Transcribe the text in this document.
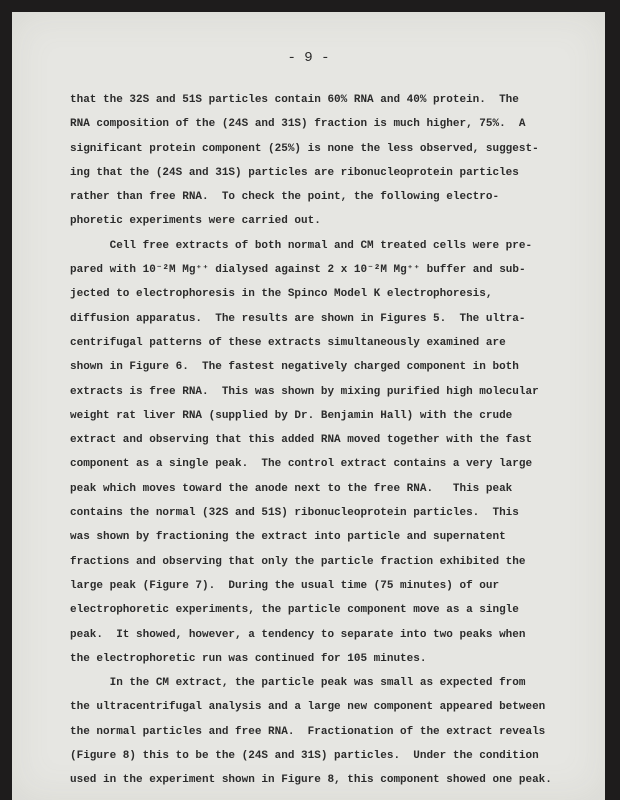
- 9 -
that the 32S and 51S particles contain 60% RNA and 40% protein.  The
RNA composition of the (24S and 31S) fraction is much higher, 75%.  A
significant protein component (25%) is none the less observed, suggest-
ing that the (24S and 31S) particles are ribonucleoprotein particles
rather than free RNA.  To check the point, the following electro-
phoretic experiments were carried out.
Cell free extracts of both normal and CM treated cells were pre-
pared with 10⁻²M Mg⁺⁺ dialysed against 2 x 10⁻²M Mg⁺⁺ buffer and sub-
jected to electrophoresis in the Spinco Model K electrophoresis,
diffusion apparatus.  The results are shown in Figures 5.  The ultra-
centrifugal patterns of these extracts simultaneously examined are
shown in Figure 6.  The fastest negatively charged component in both
extracts is free RNA.  This was shown by mixing purified high molecular
weight rat liver RNA (supplied by Dr. Benjamin Hall) with the crude
extract and observing that this added RNA moved together with the fast
component as a single peak.  The control extract contains a very large
peak which moves toward the anode next to the free RNA.   This peak
contains the normal (32S and 51S) ribonucleoprotein particles.  This
was shown by fractioning the extract into particle and supernatent
fractions and observing that only the particle fraction exhibited the
large peak (Figure 7).  During the usual time (75 minutes) of our
electrophoretic experiments, the particle component move as a single
peak.  It showed, however, a tendency to separate into two peaks when
the electrophoretic run was continued for 105 minutes.
In the CM extract, the particle peak was small as expected from
the ultracentrifugal analysis and a large new component appeared between
the normal particles and free RNA.  Fractionation of the extract reveals
(Figure 8) this to be the (24S and 31S) particles.  Under the condition
used in the experiment shown in Figure 8, this component showed one peak.
